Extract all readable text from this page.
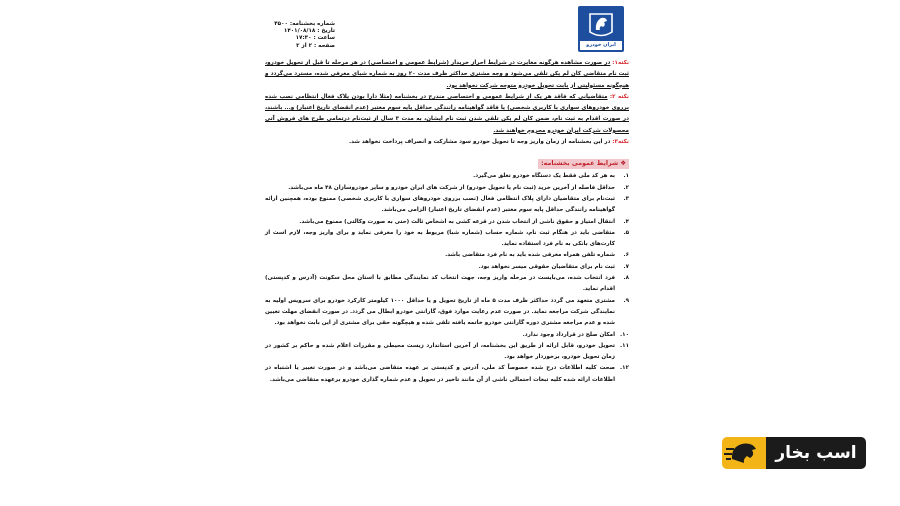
ایران خودرو
شماره بخشنامه: ۴۵۰۰
تاریخ : ۱۴۰۱/۰۸/۱۸
ساعت : ۱۷:۳۰
صفحه : ۲ از ۲

نکته۱: در صورت مشاهده هرگونه مغایرت در شرایط احراز خریدار (شرایط عمومی و اختصاصی) در هر مرحله تا قبل از تحویل خودرو، ثبت نام متقاضی کان لم یکن تلقی می‌شود و وجه مشتری حداکثر ظرف مدت ۲۰ روز به شماره شبای معرفی شده، مسترد می‌گردد و هیچگونه مسئولیتی از بابت تحویل خودرو متوجه شرکت نخواهد بود.

نکته ۲: متقاضیانی که فاقد هر یک از شرایط عمومی و اختصاصی مندرج در بخشنامه (مثلا دارا بودن پلاک فعال انتظامی نصب شده برروی خودروهای سواری با کاربری شخصی) یا فاقد گواهینامه رانندگی حداقل پایه سوم معتبر (عدم انقضای تاریخ اعتبار) و... باشند، در صورت اقدام به ثبت نام، ضمن کان لم یکن تلقی شدن ثبت نام ایشان، به مدت ۳ سال از ثبت‌نام درتمامی طرح های فروش آتی محصولات شرکت ایران خودرو محروم خواهند شد.

نکته۳: در این بخشنامه از زمان واریز وجه تا تحویل خودرو سود مشارکت و انصراف پرداخت نخواهد شد.

❖ شرایط عمومی بخشنامه:
۱.
به هر کد ملی فقط یک دستگاه خودرو تعلق می‌گیرد.
۲.
حداقل فاصله از آخرین خرید (ثبت نام یا تحویل خودرو) از شرکت های ایران خودرو و سایر خودروسازان ۴۸ ماه می‌باشد.
۳.
ثبت‌نام برای متقاضیان دارای پلاک انتظامی فعال (نصب برروی خودروهای سواری با کاربری شخصی) ممنوع بوده، همچنین ارائه گواهینامه رانندگی حداقل پایه سوم معتبر (عدم انقضای تاریخ اعتبار) الزامی می‌باشد.
۴.
انتقال امتیاز و حقوق ناشی از انتخاب شدن در قرعه کشی به اشخاص ثالث (حتی به صورت وکالتی) ممنوع می‌باشد.
۵.
متقاضی باید در هنگام ثبت نام، شماره حساب (شماره شبا) مربوط به خود را معرفی نماید و برای واریز وجه، لازم است از کارت‌های بانکی به نام فرد استفاده نماید.
۶.
شماره تلفن همراه معرفی شده باید به نام فرد متقاضی باشد.
۷.
ثبت نام برای متقاضیان حقوقی میسر نخواهد بود.
۸.
فرد انتخاب شده، می‌بایست در مرحله واریز وجه، جهت انتخاب کد نمایندگی مطابق با استان محل سکونت (آدرس و کدپستی) اقدام نماید.
۹.
مشتری متعهد می گردد حداکثر ظرف مدت ۵ ماه از تاریخ تحویل و یا حداقل ۱۰۰۰ کیلومتر کارکرد خودرو برای سرویس اولیه به نمایندگی شرکت مراجعه نماید. در صورت عدم رعایت موارد فوق، گارانتی خودرو ابطال می گردد. در صورت انقضای مهلت تعیین شده و عدم مراجعه مشتری دوره گارانتی خودرو خاتمه یافته تلقی شده و هیچگونه حقی برای مشتری از این بابت نخواهد بود.
۱۰.
امکان صلح در قرارداد وجود ندارد.
۱۱.
تحویل خودرو، قابل ارائه از طریق این بخشنامه، از آخرین استاندارد زیست محیطی و مقررات اعلام شده و حاکم بر کشور در زمان تحویل خودرو، برخوردار خواهد بود.
۱۲.
صحت کلیه اطلاعات درج شده خصوصاً کد ملی، آدرس و کدپستی بر عهده متقاضی می‌باشد و در صورت تغییر یا اشتباه در اطلاعات ارائه شده کلیه تبعات احتمالی ناشی از آن مانند تاخیر در تحویل و عدم شماره گذاری خودرو برعهده متقاضی می‌باشد.
اسب بخار
